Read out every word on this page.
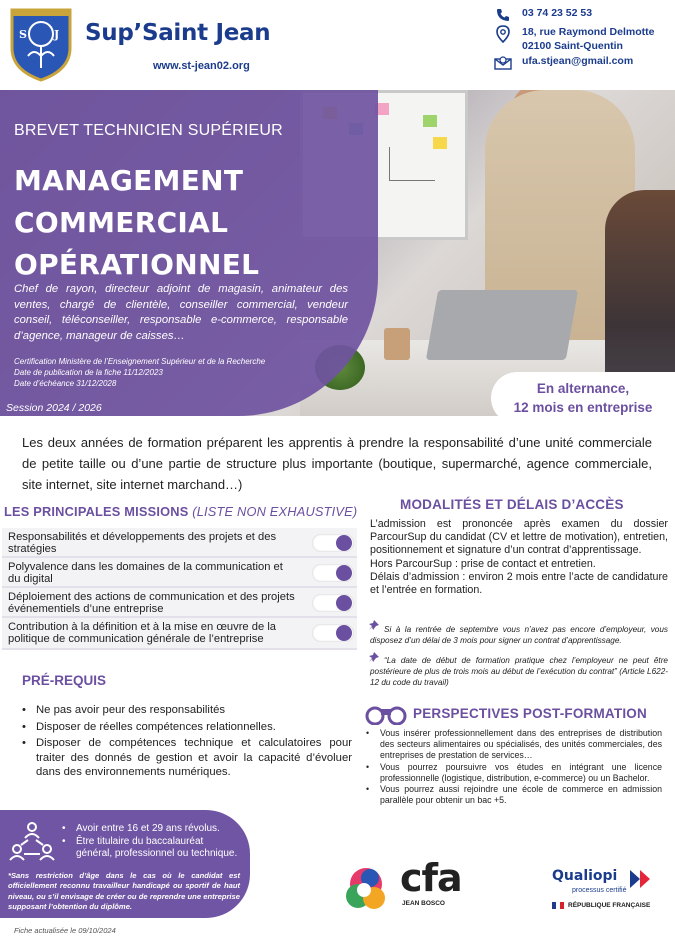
S J Sup’Saint Jean
www.st-jean02.org
03 74 23 52 53
18, rue Raymond Delmotte
02100 Saint-Quentin
ufa.stjean@gmail.com
BREVET TECHNICIEN SUPÉRIEUR
MANAGEMENT
COMMERCIAL
OPÉRATIONNEL
Chef de rayon, directeur adjoint de magasin, animateur des ventes, chargé de clientèle, conseiller commercial, vendeur conseil, téléconseiller, responsable e-commerce, responsable d’agence, manageur de caisses…
Certification Ministère de l’Enseignement Supérieur et de la Recherche
Date de publication de la fiche 11/12/2023
Date d’échéance 31/12/2028
Session 2024 / 2026
En alternance,
12 mois en entreprise
Les deux années de formation préparent les apprentis à prendre la responsabilité d’une unité commerciale de petite taille ou d’une partie de structure plus importante (boutique, supermarché, agence commerciale, site internet, site internet marchand…)
LES PRINCIPALES MISSIONS (LISTE NON EXHAUSTIVE)
Responsabilités et développements des projets et des stratégies
Polyvalence dans les domaines de la communication et du digital
Déploiement des actions de communication et des projets événementiels d’une entreprise
Contribution à la définition et à la mise en œuvre de la politique de communication générale de l’entreprise
PRÉ-REQUIS
• Ne pas avoir peur des responsabilités
• Disposer de réelles compétences relationnelles.
• Disposer de compétences technique et calculatoires pour traiter des donnés de gestion et avoir la capacité d’évoluer dans des environnements numériques.
• Avoir entre 16 et 29 ans révolus.
• Être titulaire du baccalauréat général, professionnel ou technique.
*Sans restriction d’âge dans le cas où le candidat est officiellement reconnu travailleur handicapé ou sportif de haut niveau, ou s’il envisage de créer ou de reprendre une entreprise supposant l’obtention du diplôme.
Fiche actualisée le 09/10/2024
MODALITÉS ET DÉLAIS D’ACCÈS

L’admission est prononcée après examen du dossier ParcourSup du candidat (CV et lettre de motivation), entretien, positionnement et signature d’un contrat d’apprentissage.

Hors ParcourSup : prise de contact et entretien.

Délais d’admission : environ 2 mois entre l’acte de candidature et l’entrée en formation.

Si à la rentrée de septembre vous n’avez pas encore d’employeur, vous disposez d’un délai de 3 mois pour signer un contrat d’apprentissage.
“La date de début de formation pratique chez l’employeur ne peut être postérieure de plus de trois mois au début de l’exécution du contrat” (Article L622-12 du code du travail)
PERSPECTIVES POST-FORMATION
• Vous insérer professionnellement dans des entreprises de distribution des secteurs alimentaires ou spécialisés, des unités commerciales, des entreprises de prestation de services…
• Vous pourrez poursuivre vos études en intégrant une licence professionnelle (logistique, distribution, e-commerce) ou un Bachelor.
• Vous pourrez aussi rejoindre une école de commerce en admission parallèle pour obtenir un bac +5.
cfa
JEAN BOSCO
Qualiopi
processus certifié
RÉPUBLIQUE FRANÇAISE
